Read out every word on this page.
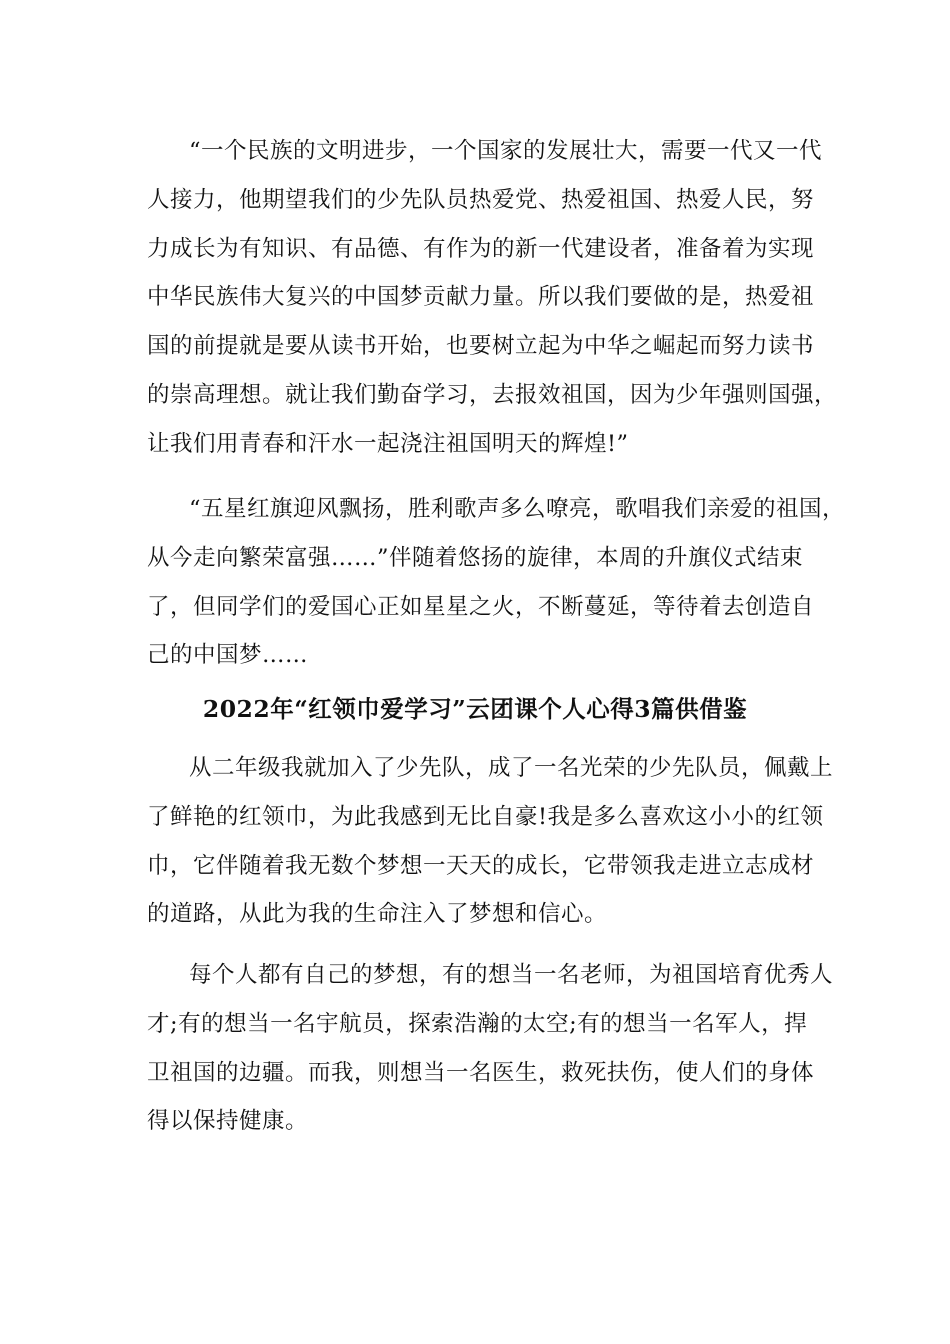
“一个民族的文明进步，一个国家的发展壮大，需要一代又一代
人接力，他期望我们的少先队员热爱党、热爱祖国、热爱人民，努
力成长为有知识、有品德、有作为的新一代建设者，准备着为实现
中华民族伟大复兴的中国梦贡献力量。所以我们要做的是，热爱祖
国的前提就是要从读书开始，也要树立起为中华之崛起而努力读书
的崇高理想。就让我们勤奋学习，去报效祖国，因为少年强则国强，
让我们用青春和汗水一起浇注祖国明天的辉煌!”
“五星红旗迎风飘扬，胜利歌声多么嘹亮，歌唱我们亲爱的祖国，
从今走向繁荣富强……”伴随着悠扬的旋律，本周的升旗仪式结束
了，但同学们的爱国心正如星星之火，不断蔓延，等待着去创造自
己的中国梦……
2022年“红领巾爱学习”云团课个人心得3篇供借鉴
从二年级我就加入了少先队，成了一名光荣的少先队员，佩戴上
了鲜艳的红领巾，为此我感到无比自豪!我是多么喜欢这小小的红领
巾，它伴随着我无数个梦想一天天的成长，它带领我走进立志成材
的道路，从此为我的生命注入了梦想和信心。
每个人都有自己的梦想，有的想当一名老师，为祖国培育优秀人
才;有的想当一名宇航员，探索浩瀚的太空;有的想当一名军人，捍
卫祖国的边疆。而我，则想当一名医生，救死扶伤，使人们的身体
得以保持健康。
